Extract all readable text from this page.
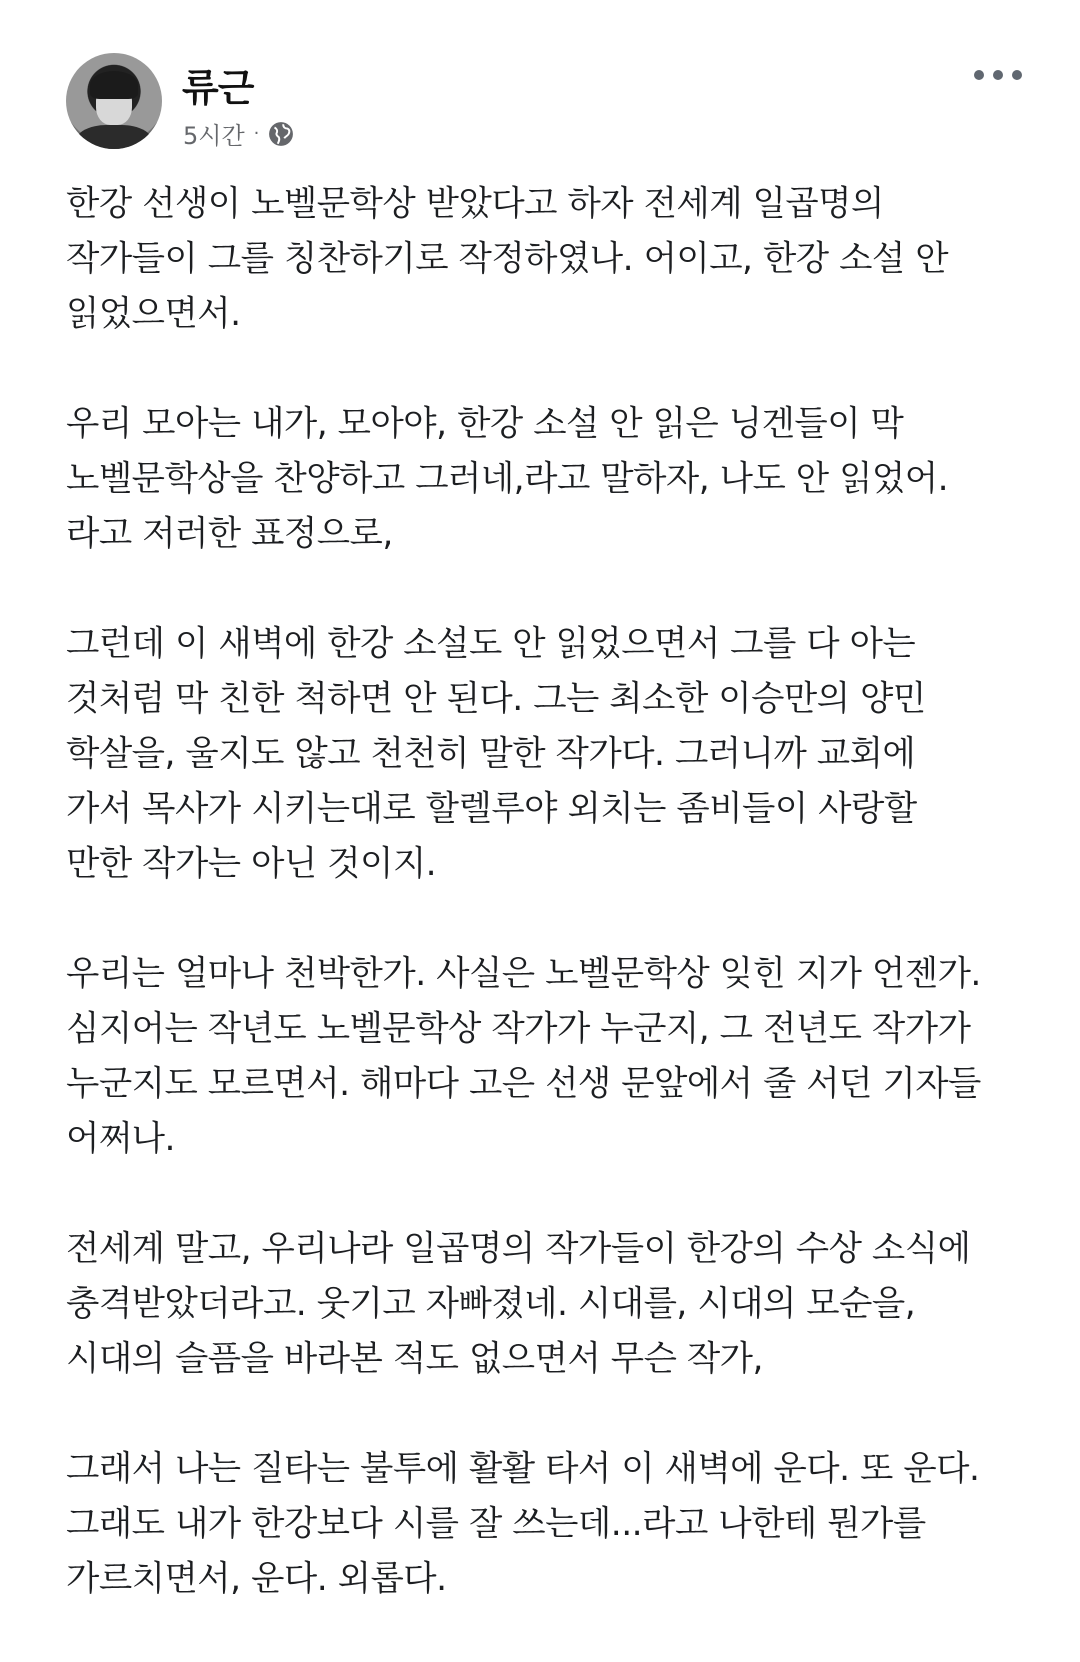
류근
5시간 ·
한강 선생이 노벨문학상 받았다고 하자 전세계 일곱명의
작가들이 그를 칭찬하기로 작정하였나. 어이고, 한강 소설 안
읽었으면서.
우리 모아는 내가, 모아야, 한강 소설 안 읽은 닝겐들이 막
노벨문학상을 찬양하고 그러네,라고 말하자, 나도 안 읽었어.
라고 저러한 표정으로,
그런데 이 새벽에 한강 소설도 안 읽었으면서 그를 다 아는
것처럼 막 친한 척하면 안 된다. 그는 최소한 이승만의 양민
학살을, 울지도 않고 천천히 말한 작가다. 그러니까 교회에
가서 목사가 시키는대로 할렐루야 외치는 좀비들이 사랑할
만한 작가는 아닌 것이지.
우리는 얼마나 천박한가. 사실은 노벨문학상 잊힌 지가 언젠가.
심지어는 작년도 노벨문학상 작가가 누군지, 그 전년도 작가가
누군지도 모르면서. 해마다 고은 선생 문앞에서 줄 서던 기자들
어쩌나.
전세계 말고, 우리나라 일곱명의 작가들이 한강의 수상 소식에
충격받았더라고. 웃기고 자빠졌네. 시대를, 시대의 모순을,
시대의 슬픔을 바라본 적도 없으면서 무슨 작가,
그래서 나는 질타는 불투에 활활 타서 이 새벽에 운다. 또 운다.
그래도 내가 한강보다 시를 잘 쓰는데...라고 나한테 뭔가를
가르치면서, 운다. 외롭다.
